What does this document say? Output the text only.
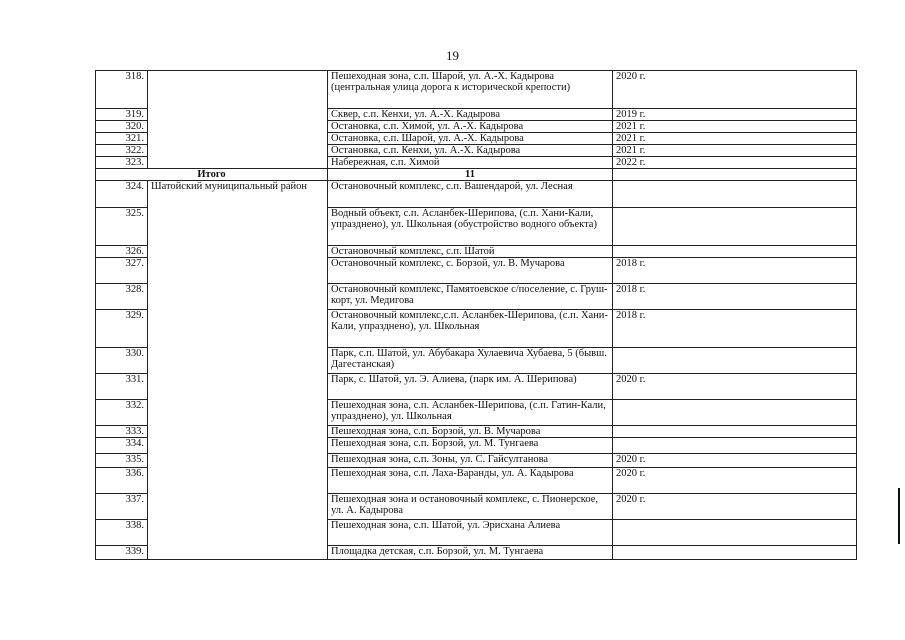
19
318.		Пешеходная зона, с.п. Шарой, ул. А.-Х. Кадырова (центральная улица дорога к исторической крепости)	2020 г.
319.		Сквер, с.п. Кенхи, ул. А.-Х. Кадырова	2019 г.
320.		Остановка, с.п. Химой, ул. А.-Х. Кадырова	2021 г.
321.		Остановка, с.п. Шарой, ул. А.-Х. Кадырова	2021 г.
322.		Остановка, с.п. Кенхи, ул. А.-Х. Кадырова	2021 г.
323.		Набережная, с.п. Химой	2022 г.
Итого		11	
324.	Шатойский муниципальный район	Остановочный комплекс, с.п. Вашендарой, ул. Лесная	
325.		Водный объект, с.п. Асланбек-Шерипова, (с.п. Хани-Кали, упразднено), ул. Школьная (обустройство водного объекта)	
326.		Остановочный комплекс, с.п. Шатой	
327.		Остановочный комплекс, с. Борзой, ул. В. Мучарова	2018 г.
328.		Остановочный комплекс, Памятоевское с/поселение, с. Груш-корт, ул. Медигова	2018 г.
329.		Остановочный комплекс,с.п. Асланбек-Шерипова, (с.п. Хани-Кали, упразднено), ул. Школьная	2018 г.
330.		Парк, с.п. Шатой, ул. Абубакара Хулаевича Хубаева, 5 (бывш. Дагестанская)	
331.		Парк, с. Шатой, ул. Э. Алиева, (парк им. А. Шерипова)	2020 г.
332.		Пешеходная зона, с.п. Асланбек-Шерипова, (с.п. Гатин-Кали, упразднено), ул. Школьная	
333.		Пешеходная зона, с.п. Борзой, ул. В. Мучарова	
334.		Пешеходная зона, с.п. Борзой, ул. М. Тунгаева	
335.		Пешеходная зона, с.п. Зоны, ул. С. Гайсултанова	2020 г.
336.		Пешеходная зона, с.п. Лаха-Варанды, ул. А. Кадырова	2020 г.
337.		Пешеходная зона и остановочный комплекс, с. Пионерское, ул. А. Кадырова	2020 г.
338.		Пешеходная зона, с.п. Шатой, ул. Эрисхана Алиева	
339.		Площадка детская, с.п. Борзой, ул. М. Тунгаева	
